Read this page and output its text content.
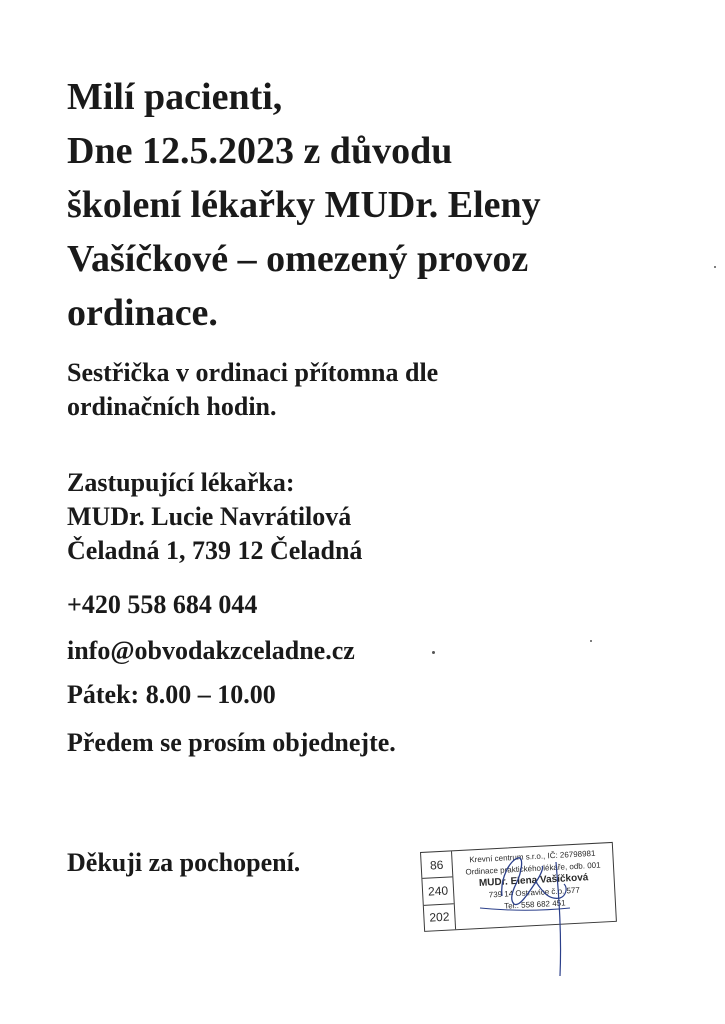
Milí pacienti,
Dne 12.5.2023 z důvodu
školení lékařky MUDr. Eleny
Vašíčkové – omezený provoz
ordinace.
Sestřička v ordinaci přítomna dle
ordinačních hodin.
Zastupující lékařka:
MUDr. Lucie Navrátilová
Čeladná 1, 739 12 Čeladná
+420 558 684 044
info@obvodakzceladne.cz
Pátek: 8.00 – 10.00
Předem se prosím objednejte.
Děkuji za pochopení.	86
240
202
Krevní centrum s.r.o., IČ: 26798981
Ordinace praktického lékaře, odb. 001
MUDr. Elena Vašíčková
739 14 Ostravice č.p. 577
Tel.: 558 682 451
